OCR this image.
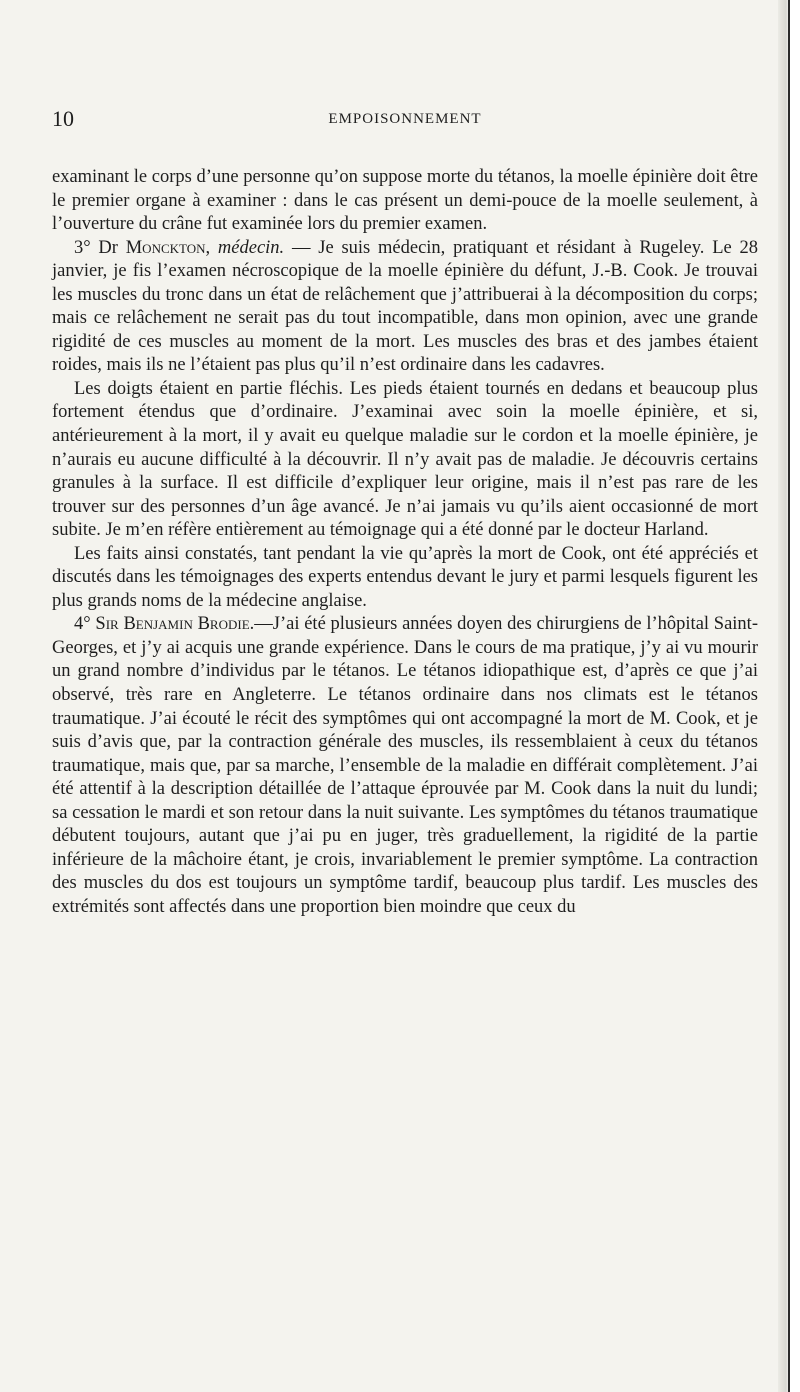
10	EMPOISONNEMENT

examinant le corps d’une personne qu’on suppose morte du tétanos, la moelle épinière doit être le premier organe à examiner : dans le cas présent un demi-pouce de la moelle seulement, à l’ouverture du crâne fut examinée lors du premier examen.

3° Dr Monckton, médecin. — Je suis médecin, pratiquant et résidant à Rugeley. Le 28 janvier, je fis l’examen nécroscopique de la moelle épinière du défunt, J.-B. Cook. Je trouvai les muscles du tronc dans un état de relâchement que j’attribuerai à la décomposition du corps; mais ce relâchement ne serait pas du tout incompatible, dans mon opinion, avec une grande rigidité de ces muscles au moment de la mort. Les muscles des bras et des jambes étaient roides, mais ils ne l’étaient pas plus qu’il n’est ordinaire dans les cadavres.

Les doigts étaient en partie fléchis. Les pieds étaient tournés en dedans et beaucoup plus fortement étendus que d’ordinaire. J’examinai avec soin la moelle épinière, et si, antérieurement à la mort, il y avait eu quelque maladie sur le cordon et la moelle épinière, je n’aurais eu aucune difficulté à la découvrir. Il n’y avait pas de maladie. Je découvris certains granules à la surface. Il est difficile d’expliquer leur origine, mais il n’est pas rare de les trouver sur des personnes d’un âge avancé. Je n’ai jamais vu qu’ils aient occasionné de mort subite. Je m’en réfère entièrement au témoignage qui a été donné par le docteur Harland.

Les faits ainsi constatés, tant pendant la vie qu’après la mort de Cook, ont été appréciés et discutés dans les témoignages des experts entendus devant le jury et parmi lesquels figurent les plus grands noms de la médecine anglaise.

4° Sir Benjamin Brodie.—J’ai été plusieurs années doyen des chirurgiens de l’hôpital Saint-Georges, et j’y ai acquis une grande expérience. Dans le cours de ma pratique, j’y ai vu mourir un grand nombre d’individus par le tétanos. Le tétanos idiopathique est, d’après ce que j’ai observé, très rare en Angleterre. Le tétanos ordinaire dans nos climats est le tétanos traumatique. J’ai écouté le récit des symptômes qui ont accompagné la mort de M. Cook, et je suis d’avis que, par la contraction générale des muscles, ils ressemblaient à ceux du tétanos traumatique, mais que, par sa marche, l’ensemble de la maladie en différait complètement. J’ai été attentif à la description détaillée de l’attaque éprouvée par M. Cook dans la nuit du lundi; sa cessation le mardi et son retour dans la nuit suivante. Les symptômes du tétanos traumatique débutent toujours, autant que j’ai pu en juger, très graduellement, la rigidité de la partie inférieure de la mâchoire étant, je crois, invariablement le premier symptôme. La contraction des muscles du dos est toujours un symptôme tardif, beaucoup plus tardif. Les muscles des extrémités sont affectés dans une proportion bien moindre que ceux du
